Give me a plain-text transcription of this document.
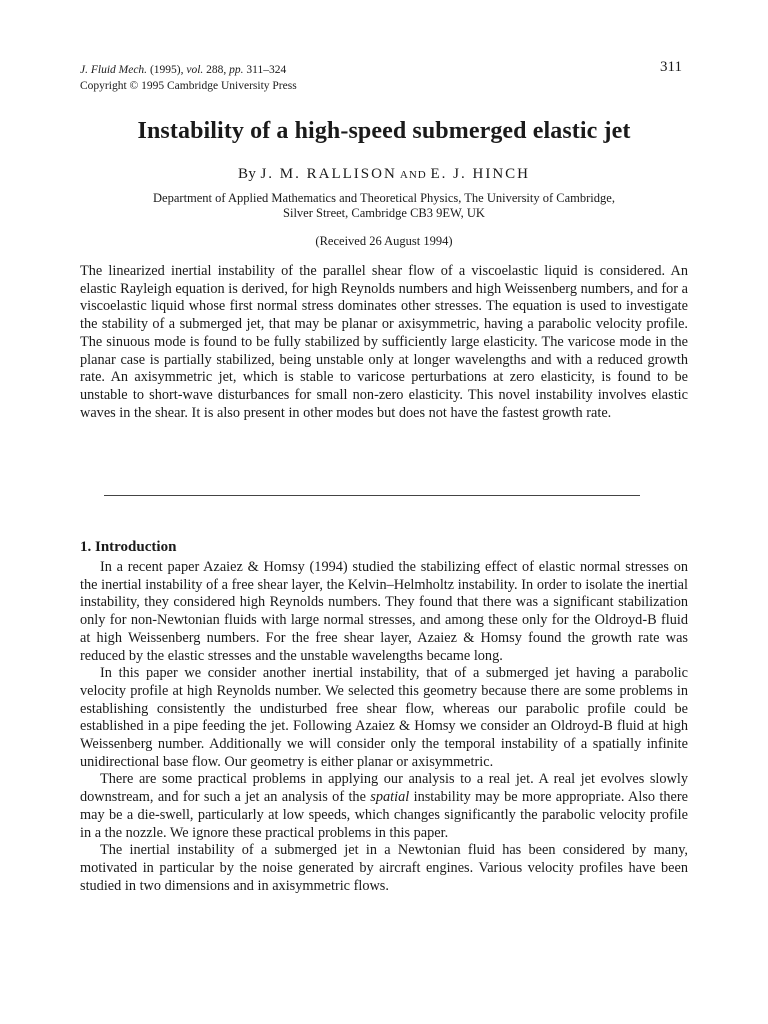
J. Fluid Mech. (1995), vol. 288, pp. 311–324
Copyright © 1995 Cambridge University Press
311
Instability of a high-speed submerged elastic jet
By J. M. RALLISON AND E. J. HINCH
Department of Applied Mathematics and Theoretical Physics, The University of Cambridge,
Silver Street, Cambridge CB3 9EW, UK
(Received 26 August 1994)
The linearized inertial instability of the parallel shear flow of a viscoelastic liquid is considered. An elastic Rayleigh equation is derived, for high Reynolds numbers and high Weissenberg numbers, and for a viscoelastic liquid whose first normal stress dominates other stresses. The equation is used to investigate the stability of a submerged jet, that may be planar or axisymmetric, having a parabolic velocity profile. The sinuous mode is found to be fully stabilized by sufficiently large elasticity. The varicose mode in the planar case is partially stabilized, being unstable only at longer wavelengths and with a reduced growth rate. An axisymmetric jet, which is stable to varicose perturbations at zero elasticity, is found to be unstable to short-wave disturbances for small non-zero elasticity. This novel instability involves elastic waves in the shear. It is also present in other modes but does not have the fastest growth rate.
1. Introduction

In a recent paper Azaiez & Homsy (1994) studied the stabilizing effect of elastic normal stresses on the inertial instability of a free shear layer, the Kelvin–Helmholtz instability. In order to isolate the inertial instability, they considered high Reynolds numbers. They found that there was a significant stabilization only for non-Newtonian fluids with large normal stresses, and among these only for the Oldroyd-B fluid at high Weissenberg numbers. For the free shear layer, Azaiez & Homsy found the growth rate was reduced by the elastic stresses and the unstable wavelengths became long.

In this paper we consider another inertial instability, that of a submerged jet having a parabolic velocity profile at high Reynolds number. We selected this geometry because there are some problems in establishing consistently the undisturbed free shear flow, whereas our parabolic profile could be established in a pipe feeding the jet. Following Azaiez & Homsy we consider an Oldroyd-B fluid at high Weissenberg number. Additionally we will consider only the temporal instability of a spatially infinite unidirectional base flow. Our geometry is either planar or axisymmetric.

There are some practical problems in applying our analysis to a real jet. A real jet evolves slowly downstream, and for such a jet an analysis of the spatial instability may be more appropriate. Also there may be a die-swell, particularly at low speeds, which changes significantly the parabolic velocity profile in a the nozzle. We ignore these practical problems in this paper.

The inertial instability of a submerged jet in a Newtonian fluid has been considered by many, motivated in particular by the noise generated by aircraft engines. Various velocity profiles have been studied in two dimensions and in axisymmetric flows.
